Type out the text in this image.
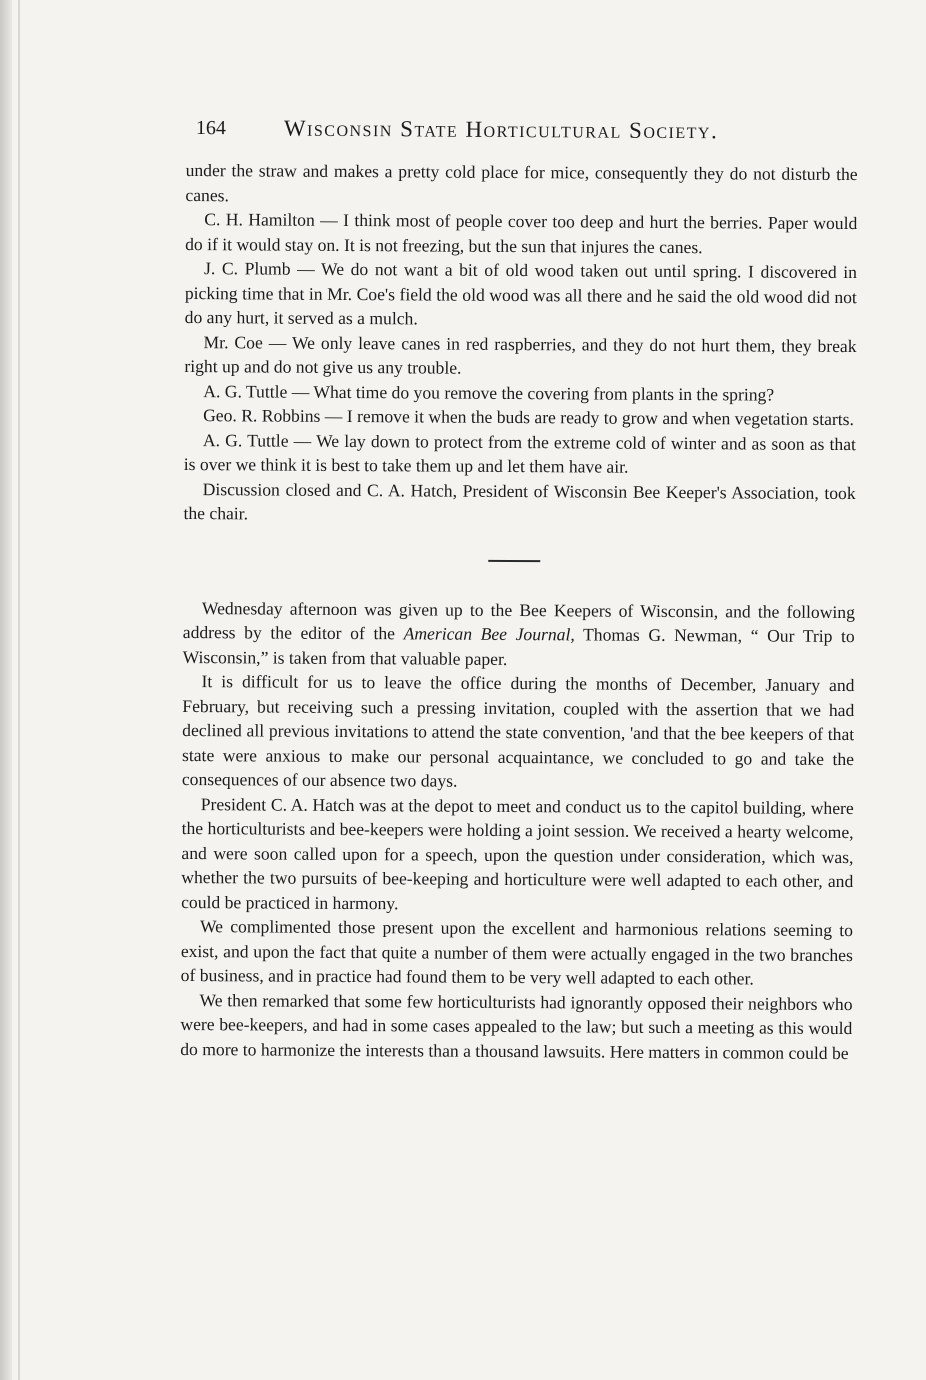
164	Wisconsin State Horticultural Society.

under the straw and makes a pretty cold place for mice, consequently they do not disturb the canes.

C. H. Hamilton — I think most of people cover too deep and hurt the berries. Paper would do if it would stay on. It is not freezing, but the sun that injures the canes.

J. C. Plumb — We do not want a bit of old wood taken out until spring. I discovered in picking time that in Mr. Coe's field the old wood was all there and he said the old wood did not do any hurt, it served as a mulch.

Mr. Coe — We only leave canes in red raspberries, and they do not hurt them, they break right up and do not give us any trouble.

A. G. Tuttle — What time do you remove the covering from plants in the spring?

Geo. R. Robbins — I remove it when the buds are ready to grow and when vegetation starts.

A. G. Tuttle — We lay down to protect from the extreme cold of winter and as soon as that is over we think it is best to take them up and let them have air.

Discussion closed and C. A. Hatch, President of Wisconsin Bee Keeper's Association, took the chair.

Wednesday afternoon was given up to the Bee Keepers of Wisconsin, and the following address by the editor of the American Bee Journal, Thomas G. Newman, “ Our Trip to Wisconsin,” is taken from that valuable paper.

It is difficult for us to leave the office during the months of December, January and February, but receiving such a pressing invitation, coupled with the assertion that we had declined all previous invitations to attend the state convention, 'and that the bee keepers of that state were anxious to make our personal acquaintance, we concluded to go and take the consequences of our absence two days.

President C. A. Hatch was at the depot to meet and conduct us to the capitol building, where the horticulturists and bee-keepers were holding a joint session. We received a hearty welcome, and were soon called upon for a speech, upon the question under consideration, which was, whether the two pursuits of bee-keeping and horticulture were well adapted to each other, and could be practiced in harmony.

We complimented those present upon the excellent and harmonious relations seeming to exist, and upon the fact that quite a number of them were actually engaged in the two branches of business, and in practice had found them to be very well adapted to each other.

We then remarked that some few horticulturists had ignorantly opposed their neighbors who were bee-keepers, and had in some cases appealed to the law; but such a meeting as this would do more to harmonize the interests than a thousand lawsuits. Here matters in common could be
